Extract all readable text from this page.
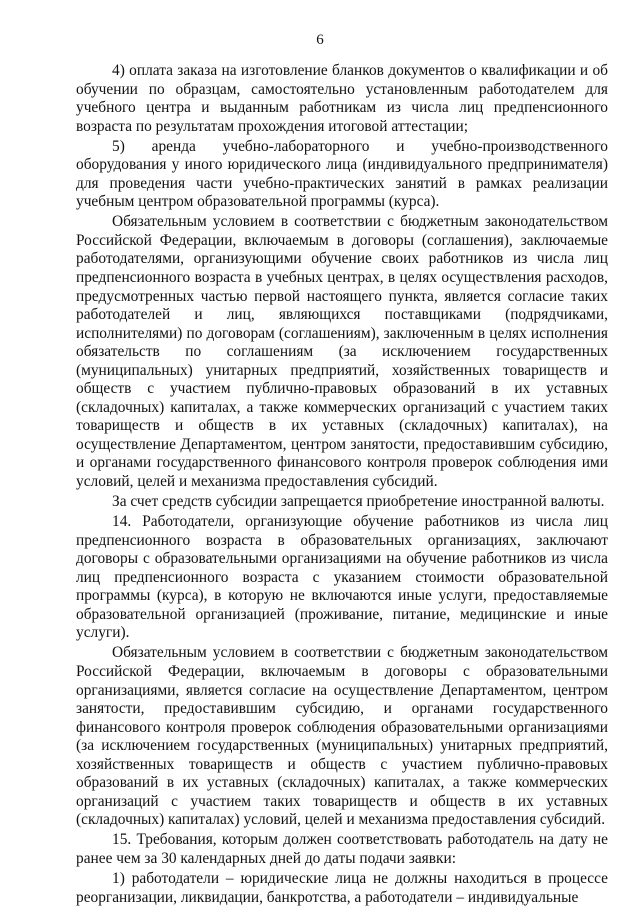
6

4) оплата заказа на изготовление бланков документов о квалификации и об обучении по образцам, самостоятельно установленным работодателем для учебного центра и выданным работникам из числа лиц предпенсионного возраста по результатам прохождения итоговой аттестации;

5) аренда учебно-лабораторного и учебно-производственного оборудования у иного юридического лица (индивидуального предпринимателя) для проведения части учебно-практических занятий в рамках реализации учебным центром образовательной программы (курса).

Обязательным условием в соответствии с бюджетным законодательством Российской Федерации, включаемым в договоры (соглашения), заключаемые работодателями, организующими обучение своих работников из числа лиц предпенсионного возраста в учебных центрах, в целях осуществления расходов, предусмотренных частью первой настоящего пункта, является согласие таких работодателей и лиц, являющихся поставщиками (подрядчиками, исполнителями) по договорам (соглашениям), заключенным в целях исполнения обязательств по соглашениям (за исключением государственных (муниципальных) унитарных предприятий, хозяйственных товариществ и обществ с участием публично-правовых образований в их уставных (складочных) капиталах, а также коммерческих организаций с участием таких товариществ и обществ в их уставных (складочных) капиталах), на осуществление Департаментом, центром занятости, предоставившим субсидию, и органами государственного финансового контроля проверок соблюдения ими условий, целей и механизма предоставления субсидий.

За счет средств субсидии запрещается приобретение иностранной валюты.

14. Работодатели, организующие обучение работников из числа лиц предпенсионного возраста в образовательных организациях, заключают договоры с образовательными организациями на обучение работников из числа лиц предпенсионного возраста с указанием стоимости образовательной программы (курса), в которую не включаются иные услуги, предоставляемые образовательной организацией (проживание, питание, медицинские и иные услуги).

Обязательным условием в соответствии с бюджетным законодательством Российской Федерации, включаемым в договоры с образовательными организациями, является согласие на осуществление Департаментом, центром занятости, предоставившим субсидию, и органами государственного финансового контроля проверок соблюдения образовательными организациями (за исключением государственных (муниципальных) унитарных предприятий, хозяйственных товариществ и обществ с участием публично-правовых образований в их уставных (складочных) капиталах, а также коммерческих организаций с участием таких товариществ и обществ в их уставных (складочных) капиталах) условий, целей и механизма предоставления субсидий.

15. Требования, которым должен соответствовать работодатель на дату не ранее чем за 30 календарных дней до даты подачи заявки:

1) работодатели – юридические лица не должны находиться в процессе реорганизации, ликвидации, банкротства, а работодатели – индивидуальные
